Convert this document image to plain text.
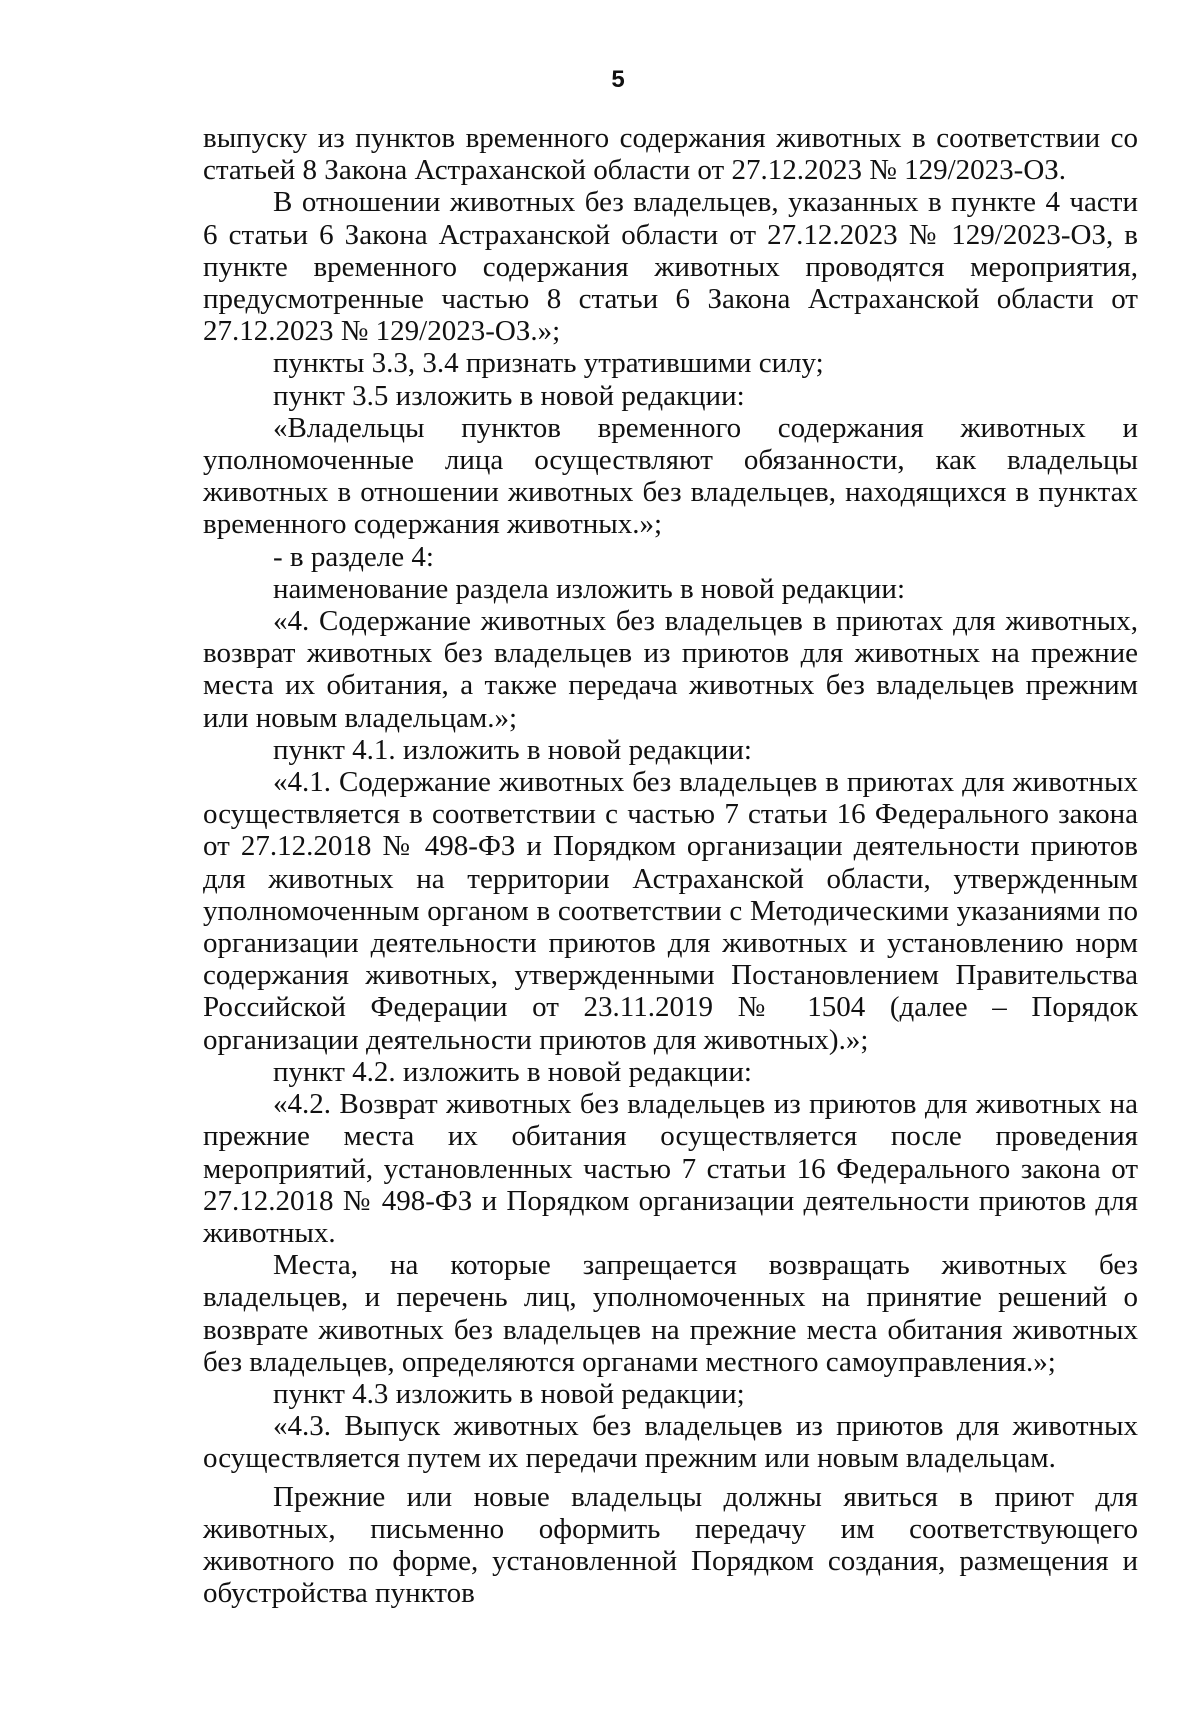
5

выпуску из пунктов временного содержания животных в соответствии со статьей 8 Закона Астраханской области от 27.12.2023 № 129/2023-ОЗ.

В отношении животных без владельцев, указанных в пункте 4 части 6 статьи 6 Закона Астраханской области от 27.12.2023 № 129/2023-ОЗ, в пункте временного содержания животных проводятся мероприятия, предусмотренные частью 8 статьи 6 Закона Астраханской области от 27.12.2023 № 129/2023-ОЗ.»;

пункты 3.3, 3.4 признать утратившими силу;

пункт 3.5 изложить в новой редакции:

«Владельцы пунктов временного содержания животных и уполномоченные лица осуществляют обязанности, как владельцы животных в отношении животных без владельцев, находящихся в пунктах временного содержания животных.»;

- в разделе 4:

наименование раздела изложить в новой редакции:

«4. Содержание животных без владельцев в приютах для животных, возврат животных без владельцев из приютов для животных на прежние места их обитания, а также передача животных без владельцев прежним или новым владельцам.»;

пункт 4.1. изложить в новой редакции:

«4.1. Содержание животных без владельцев в приютах для животных осуществляется в соответствии с частью 7 статьи 16 Федерального закона от 27.12.2018 № 498-ФЗ и Порядком организации деятельности приютов для животных на территории Астраханской области, утвержденным уполномоченным органом в соответствии с Методическими указаниями по организации деятельности приютов для животных и установлению норм содержания животных, утвержденными Постановлением Правительства Российской Федерации от 23.11.2019 № 1504 (далее – Порядок организации деятельности приютов для животных).»;

пункт 4.2. изложить в новой редакции:

«4.2. Возврат животных без владельцев из приютов для животных на прежние места их обитания осуществляется после проведения мероприятий, установленных частью 7 статьи 16 Федерального закона от 27.12.2018 № 498-ФЗ и Порядком организации деятельности приютов для животных.

Места, на которые запрещается возвращать животных без владельцев, и перечень лиц, уполномоченных на принятие решений о возврате животных без владельцев на прежние места обитания животных без владельцев, определяются органами местного самоуправления.»;

пункт 4.3 изложить в новой редакции;

«4.3. Выпуск животных без владельцев из приютов для животных осуществляется путем их передачи прежним или новым владельцам.

Прежние или новые владельцы должны явиться в приют для животных, письменно оформить передачу им соответствующего животного по форме, установленной Порядком создания, размещения и обустройства пунктов
